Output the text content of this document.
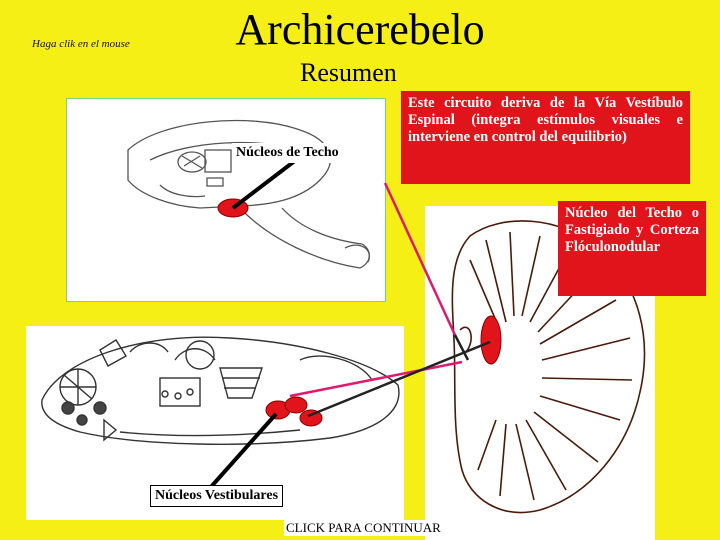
Haga clik en el mouse	Archicerebelo
Resumen
Este circuito deriva de la Vía Vestíbulo Espinal (integra estímulos visuales e interviene en control del equilibrio)
Núcleo del Techo o Fastigiado y Corteza Flóculonodular
Núcleos de Techo
Núcleos Vestibulares
CLICK PARA CONTINUAR
